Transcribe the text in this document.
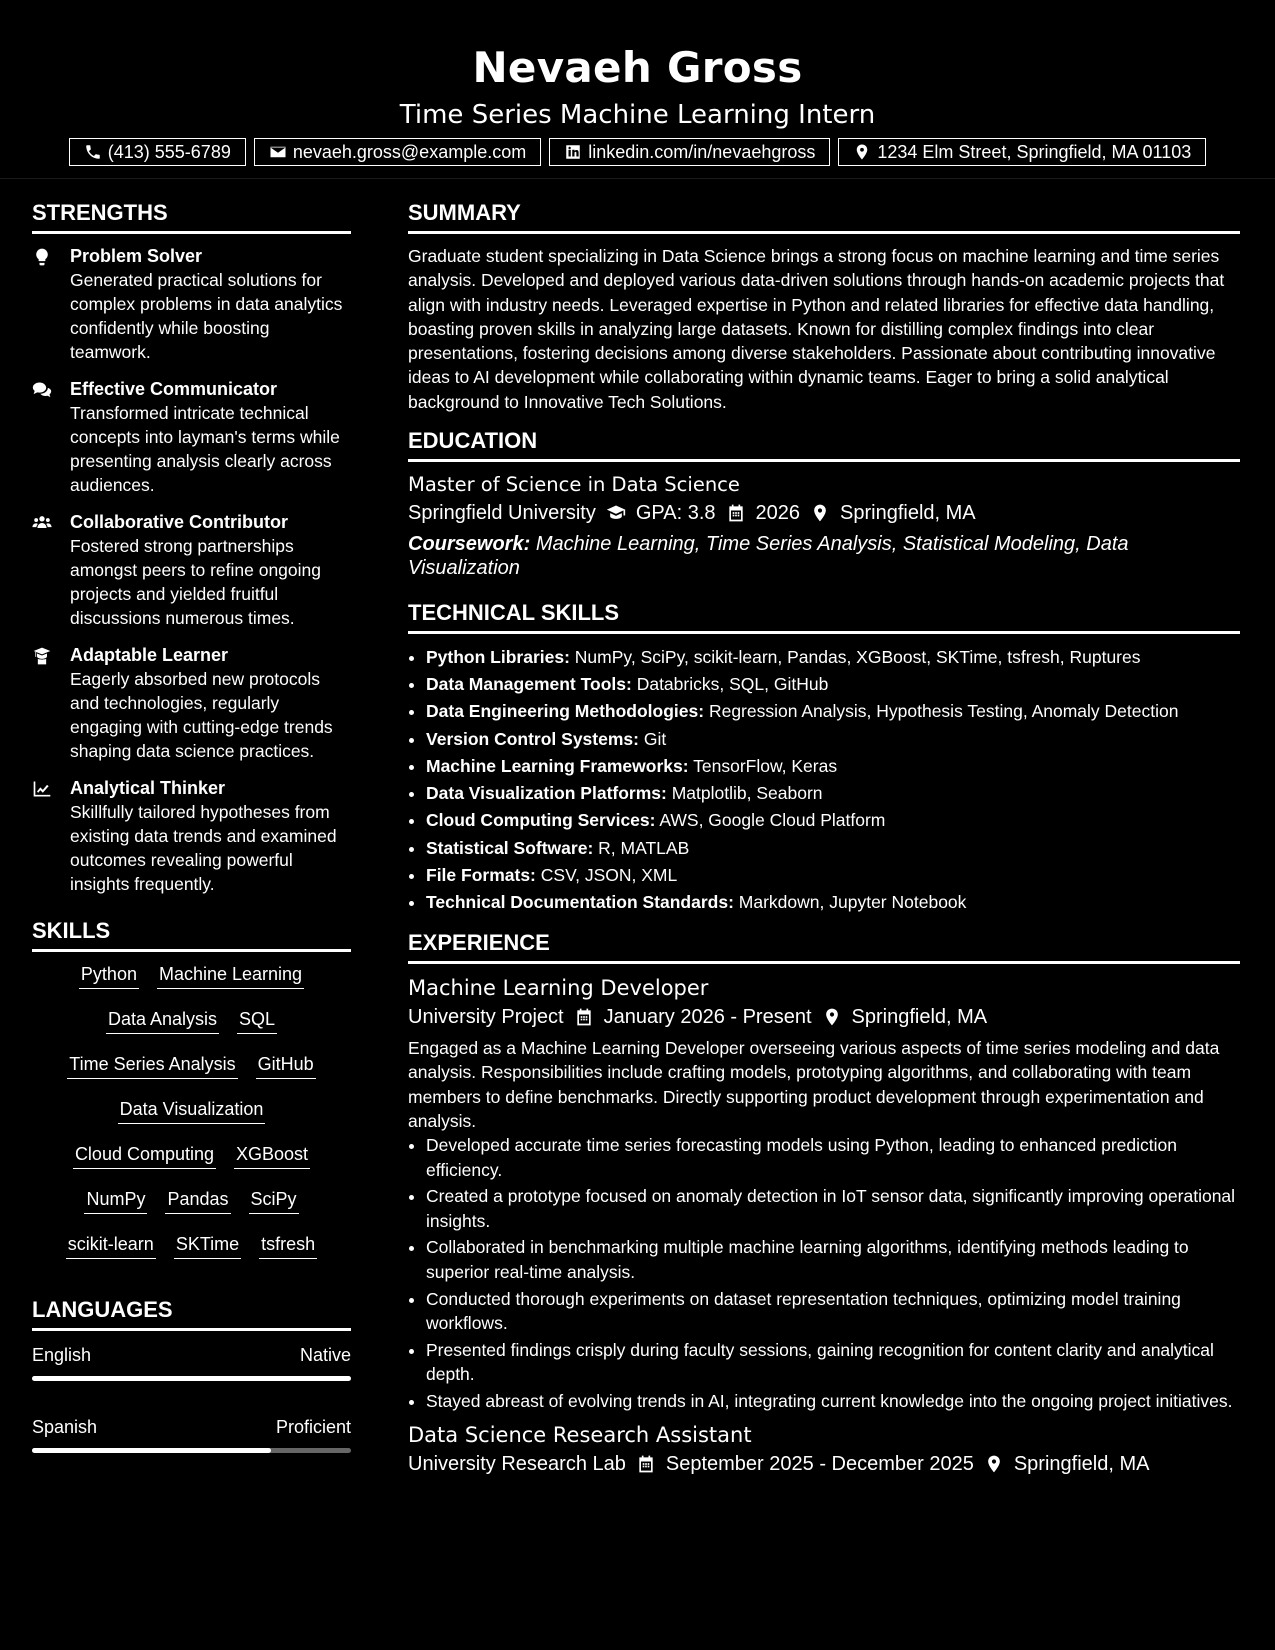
Nevaeh Gross
Time Series Machine Learning Intern
(413) 555-6789	nevaeh.gross@example.com	linkedin.com/in/nevaehgross	1234 Elm Street, Springfield, MA 01103
STRENGTHS
Problem Solver
Generated practical solutions for complex problems in data analytics confidently while boosting teamwork.
Effective Communicator
Transformed intricate technical concepts into layman's terms while presenting analysis clearly across audiences.
Collaborative Contributor
Fostered strong partnerships amongst peers to refine ongoing projects and yielded fruitful discussions numerous times.
Adaptable Learner
Eagerly absorbed new protocols and technologies, regularly engaging with cutting-edge trends shaping data science practices.
Analytical Thinker
Skillfully tailored hypotheses from existing data trends and examined outcomes revealing powerful insights frequently.
SKILLS
Python Machine Learning
Data Analysis SQL
Time Series Analysis GitHub
Data Visualization
Cloud Computing XGBoost
NumPy Pandas SciPy
scikit-learn SKTime tsfresh
LANGUAGES
English	Native
Spanish	Proficient
SUMMARY
Graduate student specializing in Data Science brings a strong focus on machine learning and time series analysis. Developed and deployed various data-driven solutions through hands-on academic projects that align with industry needs. Leveraged expertise in Python and related libraries for effective data handling, boasting proven skills in analyzing large datasets. Known for distilling complex findings into clear presentations, fostering decisions among diverse stakeholders. Passionate about contributing innovative ideas to AI development while collaborating within dynamic teams. Eager to bring a solid analytical background to Innovative Tech Solutions.
EDUCATION
Master of Science in Data Science
Springfield University GPA: 3.8 2026 Springfield, MA
Coursework: Machine Learning, Time Series Analysis, Statistical Modeling, Data Visualization
TECHNICAL SKILLS
• Python Libraries: NumPy, SciPy, scikit-learn, Pandas, XGBoost, SKTime, tsfresh, Ruptures
• Data Management Tools: Databricks, SQL, GitHub
• Data Engineering Methodologies: Regression Analysis, Hypothesis Testing, Anomaly Detection
• Version Control Systems: Git
• Machine Learning Frameworks: TensorFlow, Keras
• Data Visualization Platforms: Matplotlib, Seaborn
• Cloud Computing Services: AWS, Google Cloud Platform
• Statistical Software: R, MATLAB
• File Formats: CSV, JSON, XML
• Technical Documentation Standards: Markdown, Jupyter Notebook
EXPERIENCE
Machine Learning Developer
University Project January 2026 - Present Springfield, MA
Engaged as a Machine Learning Developer overseeing various aspects of time series modeling and data analysis. Responsibilities include crafting models, prototyping algorithms, and collaborating with team members to define benchmarks. Directly supporting product development through experimentation and analysis.
• Developed accurate time series forecasting models using Python, leading to enhanced prediction efficiency.
• Created a prototype focused on anomaly detection in IoT sensor data, significantly improving operational insights.
• Collaborated in benchmarking multiple machine learning algorithms, identifying methods leading to superior real-time analysis.
• Conducted thorough experiments on dataset representation techniques, optimizing model training workflows.
• Presented findings crisply during faculty sessions, gaining recognition for content clarity and analytical depth.
• Stayed abreast of evolving trends in AI, integrating current knowledge into the ongoing project initiatives.
Data Science Research Assistant
University Research Lab September 2025 - December 2025 Springfield, MA
